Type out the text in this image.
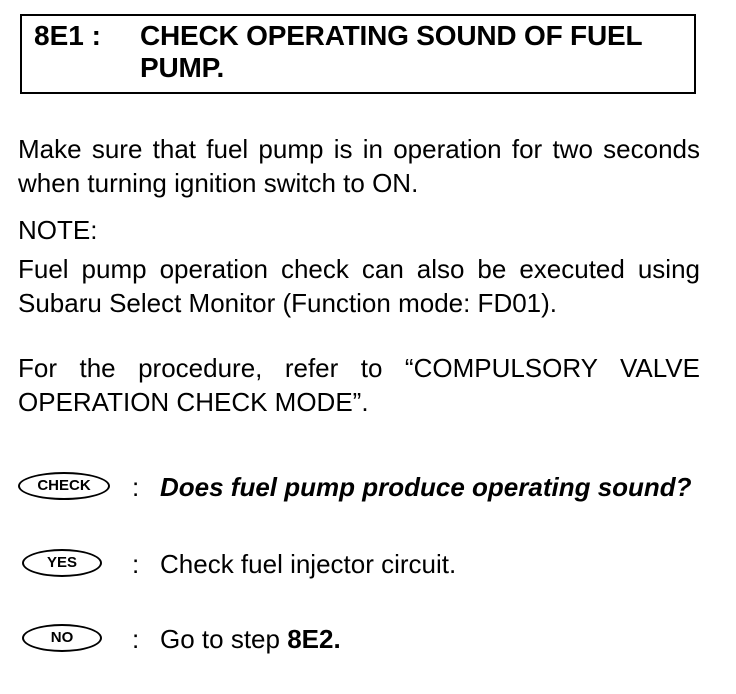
8E1 : CHECK OPERATING SOUND OF FUEL PUMP.
Make sure that fuel pump is in operation for two seconds when turning ignition switch to ON.
NOTE:
Fuel pump operation check can also be executed using Subaru Select Monitor (Function mode: FD01).
For the procedure, refer to “COMPULSORY VALVE OPERATION CHECK MODE”.
CHECK	: Does fuel pump produce operating sound?
YES	: Check fuel injector circuit.
NO	: Go to step 8E2.
